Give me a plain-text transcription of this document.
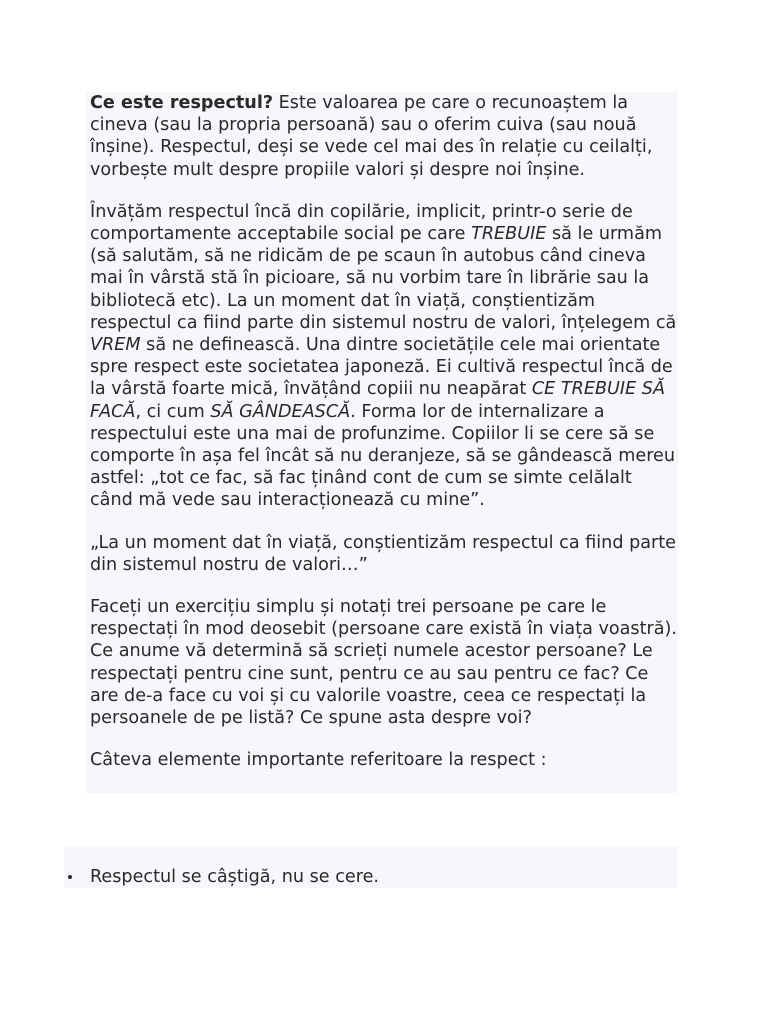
Ce este respectul? Este valoarea pe care o recunoaștem la cineva (sau la propria persoană) sau o oferim cuiva (sau nouă înșine). Respectul, deși se vede cel mai des în relație cu ceilalți, vorbește mult despre propiile valori și despre noi înșine.

Învățăm respectul încă din copilărie, implicit, printr-o serie de comportamente acceptabile social pe care TREBUIE să le urmăm (să salutăm, să ne ridicăm de pe scaun în autobus când cineva mai în vârstă stă în picioare, să nu vorbim tare în librărie sau la bibliotecă etc). La un moment dat în viață, conștientizăm respectul ca fiind parte din sistemul nostru de valori, înțelegem că VREM să ne definească. Una dintre societățile cele mai orientate spre respect este societatea japoneză. Ei cultivă respectul încă de la vârstă foarte mică, învățând copiii nu neapărat CE TREBUIE SĂ FACĂ, ci cum SĂ GÂNDEASCĂ. Forma lor de internalizare a respectului este una mai de profunzime. Copiilor li se cere să se comporte în așa fel încât să nu deranjeze, să se gândească mereu astfel: „tot ce fac, să fac ținând cont de cum se simte celălalt când mă vede sau interacționează cu mine”.

„La un moment dat în viață, conștientizăm respectul ca fiind parte din sistemul nostru de valori…”

Faceți un exercițiu simplu și notați trei persoane pe care le respectați în mod deosebit (persoane care există în viața voastră). Ce anume vă determină să scrieți numele acestor persoane? Le respectați pentru cine sunt, pentru ce au sau pentru ce fac? Ce are de-a face cu voi și cu valorile voastre, ceea ce respectați la persoanele de pe listă? Ce spune asta despre voi?

Câteva elemente importante referitoare la respect :

Respectul se câștigă, nu se cere.
